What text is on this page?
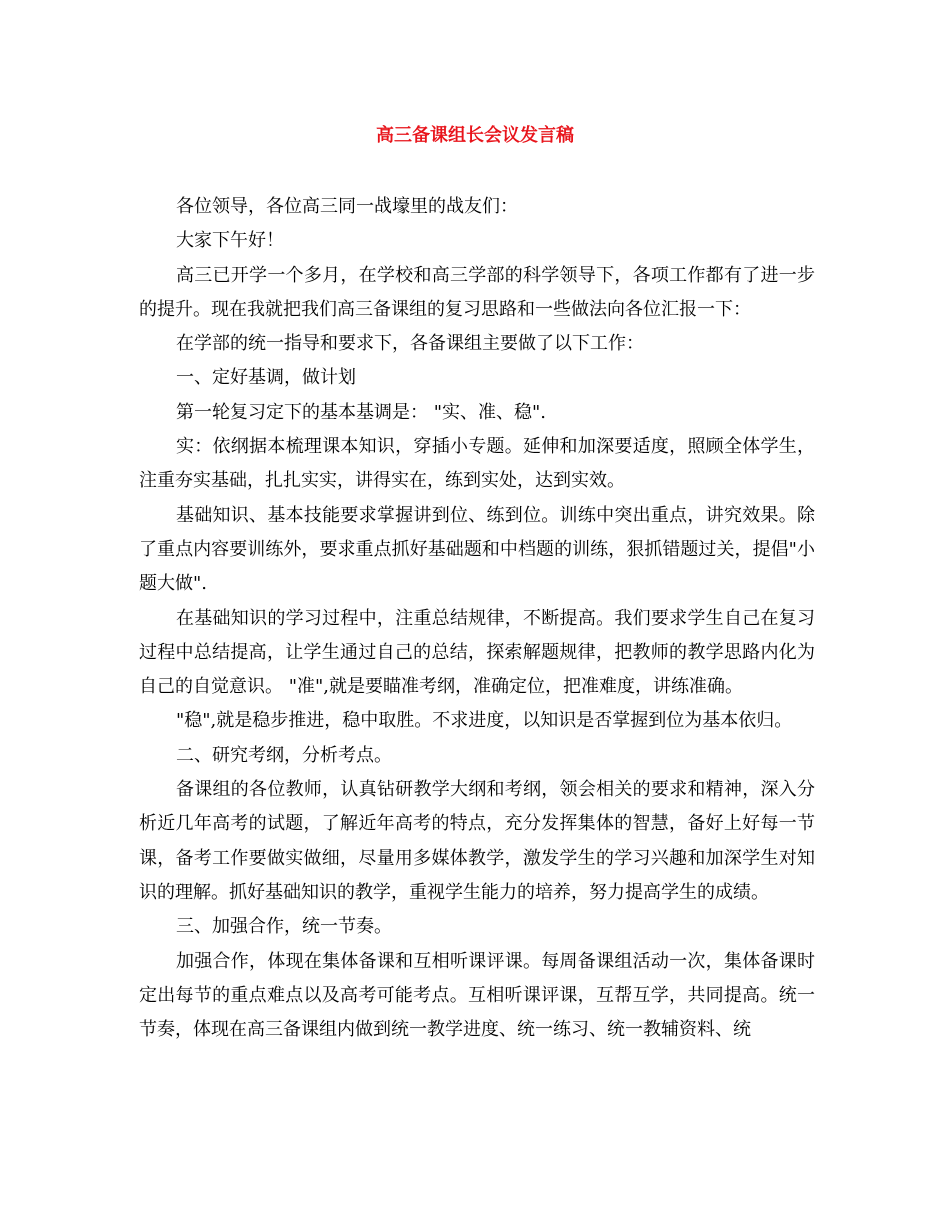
高三备课组长会议发言稿

各位领导，各位高三同一战壕里的战友们：

大家下午好！

高三已开学一个多月，在学校和高三学部的科学领导下，各项工作都有了进一步的提升。现在我就把我们高三备课组的复习思路和一些做法向各位汇报一下：

在学部的统一指导和要求下，各备课组主要做了以下工作：

一、定好基调，做计划

第一轮复习定下的基本基调是： "实、准、稳".

实：依纲据本梳理课本知识，穿插小专题。延伸和加深要适度，照顾全体学生，注重夯实基础，扎扎实实，讲得实在，练到实处，达到实效。

基础知识、基本技能要求掌握讲到位、练到位。训练中突出重点，讲究效果。除了重点内容要训练外，要求重点抓好基础题和中档题的训练，狠抓错题过关，提倡"小题大做".

在基础知识的学习过程中，注重总结规律，不断提高。我们要求学生自己在复习过程中总结提高，让学生通过自己的总结，探索解题规律，把教师的教学思路内化为自己的自觉意识。 "准",就是要瞄准考纲，准确定位，把准难度，讲练准确。

"稳",就是稳步推进，稳中取胜。不求进度，以知识是否掌握到位为基本依归。

二、研究考纲，分析考点。

备课组的各位教师，认真钻研教学大纲和考纲，领会相关的要求和精神，深入分析近几年高考的试题，了解近年高考的特点，充分发挥集体的智慧，备好上好每一节课，备考工作要做实做细，尽量用多媒体教学，激发学生的学习兴趣和加深学生对知识的理解。抓好基础知识的教学，重视学生能力的培养，努力提高学生的成绩。

三、加强合作，统一节奏。

加强合作，体现在集体备课和互相听课评课。每周备课组活动一次，集体备课时定出每节的重点难点以及高考可能考点。互相听课评课，互帮互学，共同提高。统一节奏，体现在高三备课组内做到统一教学进度、统一练习、统一教辅资料、统
